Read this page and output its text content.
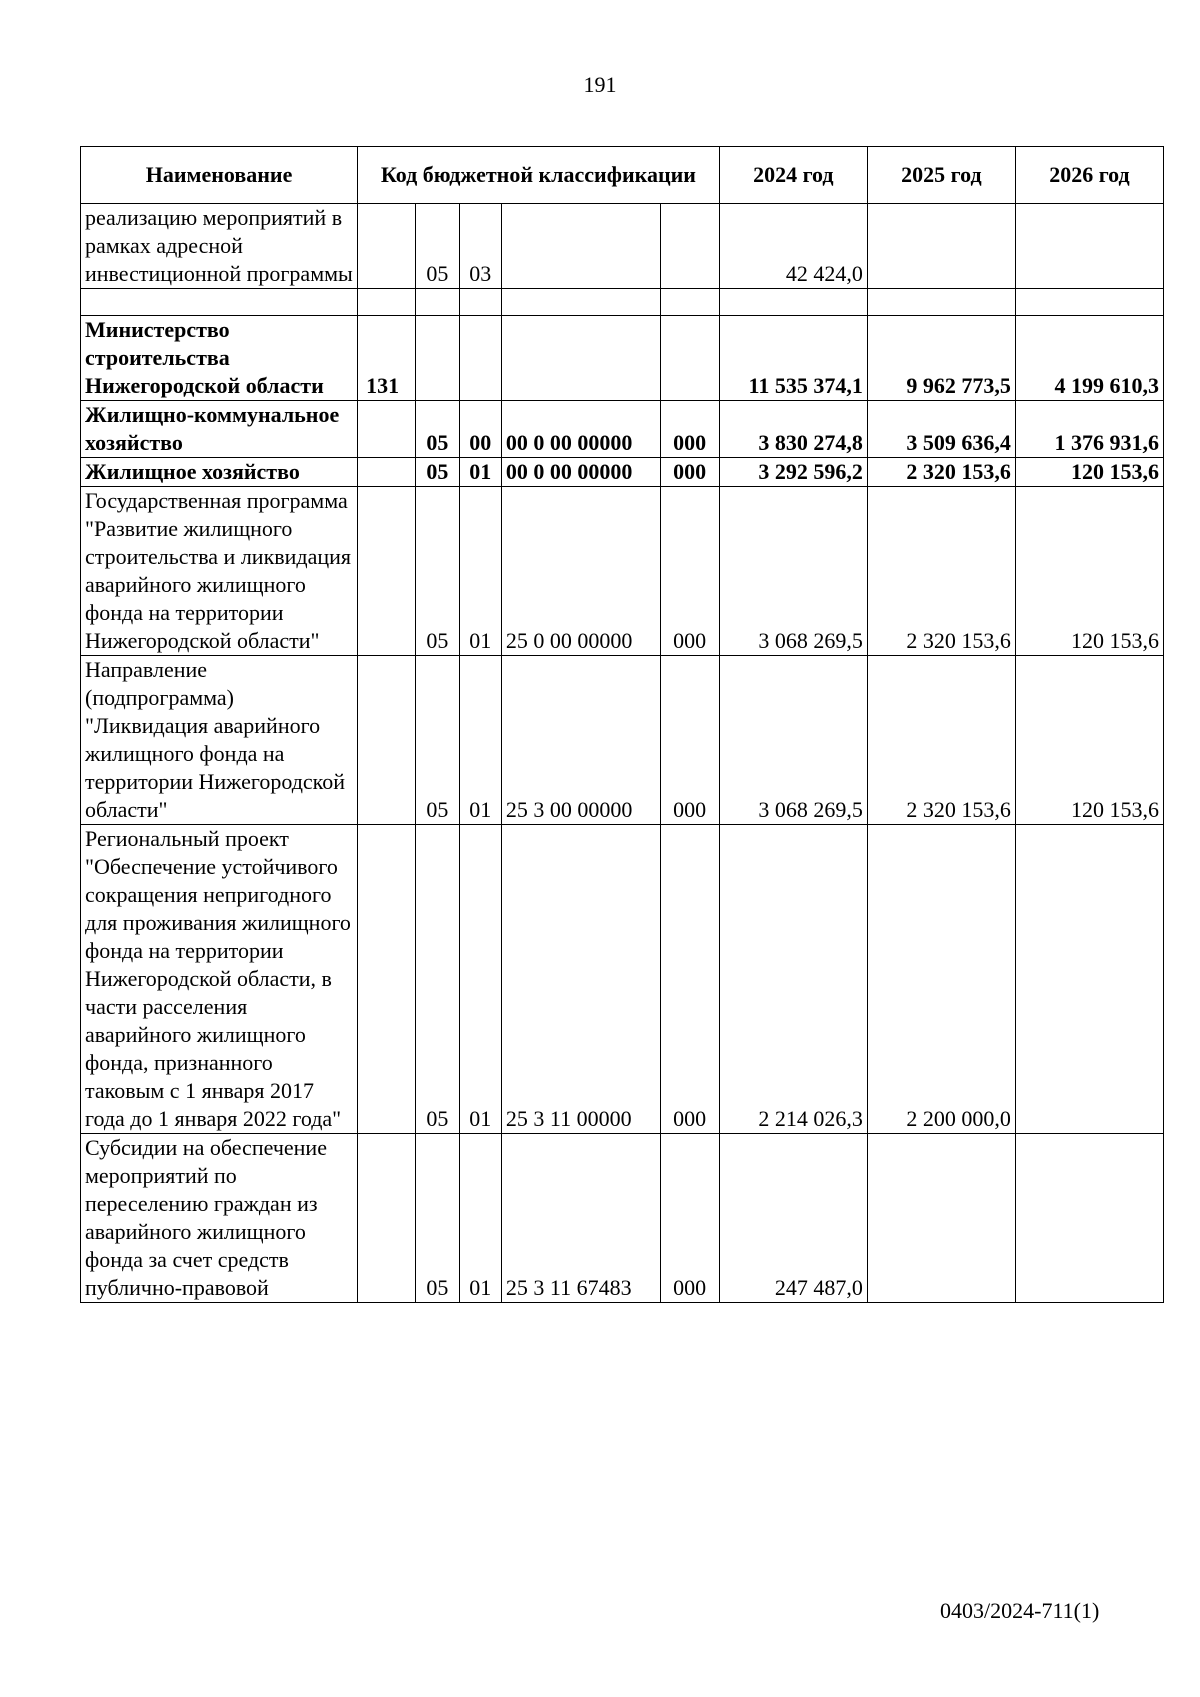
191
Наименование	Код бюджетной классификации					2024 год	2025 год	2026 год
реализацию мероприятий в рамках адресной инвестиционной программы		05	03			42 424,0		

Министерство строительства Нижегородской области	131					11 535 374,1	9 962 773,5	4 199 610,3
Жилищно-коммунальное хозяйство		05	00	00 0 00 00000	000	3 830 274,8	3 509 636,4	1 376 931,6
Жилищное хозяйство		05	01	00 0 00 00000	000	3 292 596,2	2 320 153,6	120 153,6
Государственная программа "Развитие жилищного строительства и ликвидация аварийного жилищного фонда на территории Нижегородской области"		05	01	25 0 00 00000	000	3 068 269,5	2 320 153,6	120 153,6
Направление (подпрограмма) "Ликвидация аварийного жилищного фонда на территории Нижегородской области"		05	01	25 3 00 00000	000	3 068 269,5	2 320 153,6	120 153,6
Региональный проект "Обеспечение устойчивого сокращения непригодного для проживания жилищного фонда на территории Нижегородской области, в части расселения аварийного жилищного фонда, признанного таковым с 1 января 2017 года до 1 января 2022 года"		05	01	25 3 11 00000	000	2 214 026,3	2 200 000,0	
Субсидии на обеспечение мероприятий по переселению граждан из аварийного жилищного фонда за счет средств публично-правовой		05	01	25 3 11 67483	000	247 487,0		
0403/2024-711(1)
